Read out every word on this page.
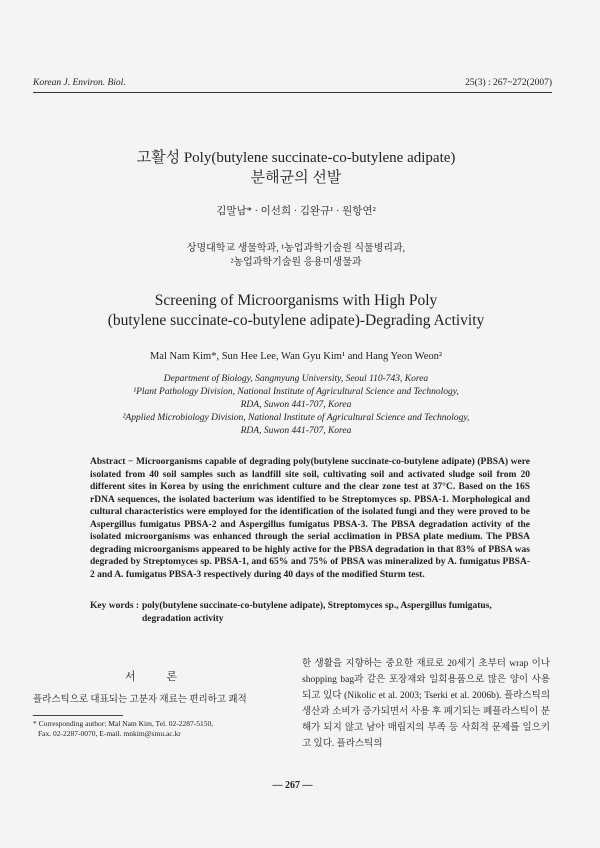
Korean J. Environ. Biol.	25(3) : 267~272(2007)
고활성 Poly(butylene succinate-co-butylene adipate)
분해균의 선발
김말남* · 이선희 · 김완규¹ · 원항연²
상명대학교 생물학과, ¹농업과학기술원 식물병리과,
²농업과학기술원 응용미생물과
Screening of Microorganisms with High Poly
(butylene succinate-co-butylene adipate)-Degrading Activity
Mal Nam Kim*, Sun Hee Lee, Wan Gyu Kim¹ and Hang Yeon Weon²
Department of Biology, Sangmyung University, Seoul 110-743, Korea
¹Plant Pathology Division, National Institute of Agricultural Science and Technology,
RDA, Suwon 441-707, Korea
²Applied Microbiology Division, National Institute of Agricultural Science and Technology,
RDA, Suwon 441-707, Korea
Abstract − Microorganisms capable of degrading poly(butylene succinate-co-butylene adipate) (PBSA) were isolated from 40 soil samples such as landfill site soil, cultivating soil and activated sludge soil from 20 different sites in Korea by using the enrichment culture and the clear zone test at 37°C. Based on the 16S rDNA sequences, the isolated bacterium was identified to be Streptomyces sp. PBSA-1. Morphological and cultural characteristics were employed for the identification of the isolated fungi and they were proved to be Aspergillus fumigatus PBSA-2 and Aspergillus fumigatus PBSA-3. The PBSA degradation activity of the isolated microorganisms was enhanced through the serial acclimation in PBSA plate medium. The PBSA degrading microorganisms appeared to be highly active for the PBSA degradation in that 83% of PBSA was degraded by Streptomyces sp. PBSA-1, and 65% and 75% of PBSA was mineralized by A. fumigatus PBSA-2 and A. fumigatus PBSA-3 respectively during 40 days of the modified Sturm test.
Key words : poly(butylene succinate-co-butylene adipate), Streptomyces sp., Aspergillus fumigatus,
degradation activity
서 론
플라스틱으로 대표되는 고분자 재료는 편리하고 쾌적
* Corresponding author: Mal Nam Kim, Tel. 02-2287-5150,
Fax. 02-2287-0070, E-mail. mnkim@smu.ac.kr
한 생활을 지향하는 중요한 재료로 20세기 초부터 wrap 이나 shopping bag과 같은 포장재와 일회용품으로 많은 양이 사용되고 있다 (Nikolic et al. 2003; Tserki et al. 2006b). 플라스틱의 생산과 소비가 증가되면서 사용 후 폐기되는 폐플라스틱이 분해가 되지 않고 남아 매립지의 부족 등 사회적 문제를 일으키고 있다. 플라스틱의
— 267 —
